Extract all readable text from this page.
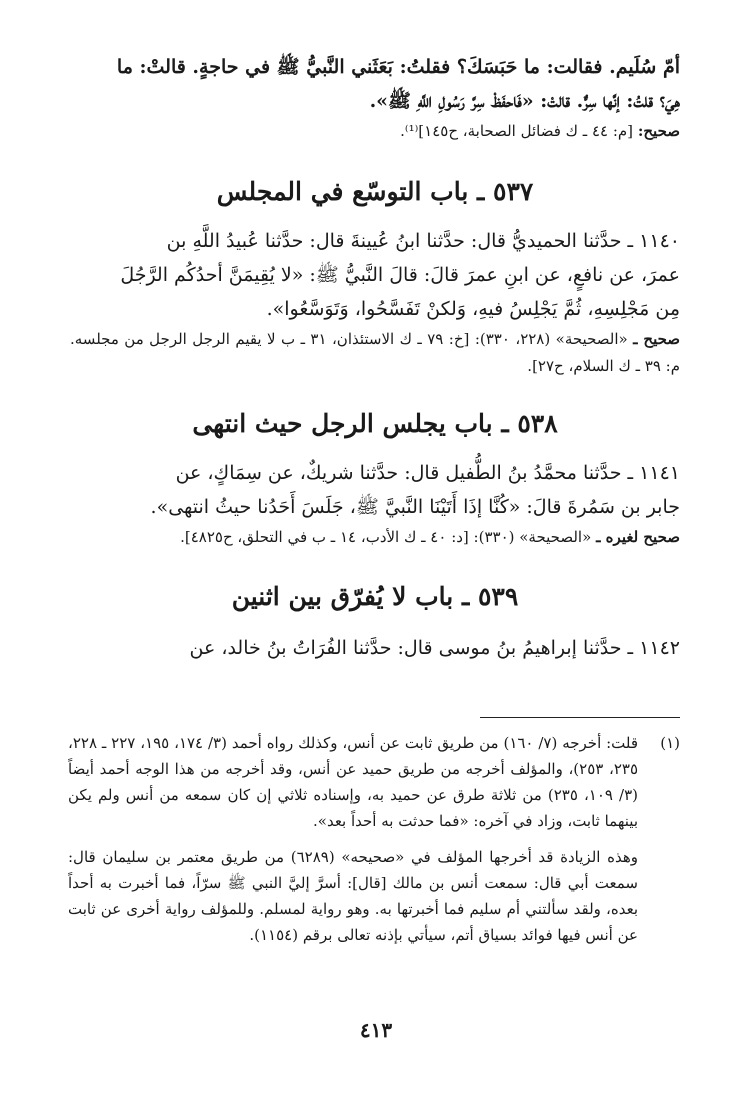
أمّ سُلَيم. فقالت: ما حَبَسَكَ؟ فقلتُ: بَعَثَني النَّبيُّ ﷺ في حاجةٍ. قالتْ: ما

هِيَ؟ قلتُ: إنَّها سِرٌّ. قالتْ: «فَاحفَظْ سِرَّ رَسُولِ اللَّهِ ﷺ».

صحيح: [م: ٤٤ ـ ك فضائل الصحابة، ح١٤٥]⁽¹⁾.

٥٣٧ ـ باب التوسّع في المجلس

١١٤٠ ـ حدَّثنا الحميديُّ قال: حدَّثنا ابنُ عُيينةَ قال: حدَّثنا عُبيدُ اللَّهِ بن

عمرَ، عن نافعٍ، عن ابنِ عمرَ قالَ: قالَ النَّبيُّ ﷺ: «لا يُقِيمَنَّ أحدُكُم الرَّجُلَ

مِن مَجْلِسِهِ، ثُمَّ يَجْلِسُ فيهِ، وَلكنْ تَفَسَّحُوا، وَتَوَسَّعُوا».

صحيح ـ «الصحيحة» (٢٢٨، ٣٣٠): [خ: ٧٩ ـ ك الاستئذان، ٣١ ـ ب لا يقيم الرجل الرجل من مجلسه. م: ٣٩ ـ ك السلام، ح٢٧].

٥٣٨ ـ باب يجلس الرجل حيث انتهى

١١٤١ ـ حدَّثنا محمَّدُ بنُ الطُّفيل قال: حدَّثنا شريكٌ، عن سِمَاكٍ، عن

جابر بن سَمُرةَ قالَ: «كُنَّا إذَا أَتَيْنَا النَّبيَّ ﷺ، جَلَسَ أَحَدُنا حيثُ انتهى».

صحيح لغيره ـ «الصحيحة» (٣٣٠): [د: ٤٠ ـ ك الأدب، ١٤ ـ ب في التحلق، ح٤٨٢٥].

٥٣٩ ـ باب لا يُفرّق بين اثنين

١١٤٢ ـ حدَّثنا إبراهيمُ بنُ موسى قال: حدَّثنا الفُرَاتُ بنُ خالد، عن

(١)

قلت: أخرجه (٧/ ١٦٠) من طريق ثابت عن أنس، وكذلك رواه أحمد (٣/ ١٧٤، ١٩٥، ٢٢٧ ـ ٢٢٨، ٢٣٥، ٢٥٣)، والمؤلف أخرجه من طريق حميد عن أنس، وقد أخرجه من هذا الوجه أحمد أيضاً (٣/ ١٠٩، ٢٣٥) من ثلاثة طرق عن حميد به، وإسناده ثلاثي إن كان سمعه من أنس ولم يكن بينهما ثابت، وزاد في آخره: «فما حدثت به أحداً بعد».

وهذه الزيادة قد أخرجها المؤلف في «صحيحه» (٦٢٨٩) من طريق معتمر بن سليمان قال: سمعت أبي قال: سمعت أنس بن مالك [قال]: أسرَّ إليَّ النبي ﷺ سرّاً، فما أخبرت به أحداً بعده، ولقد سألتني أم سليم فما أخبرتها به. وهو رواية لمسلم. وللمؤلف رواية أخرى عن ثابت عن أنس فيها فوائد بسياق أتم، سيأتي بإذنه تعالى برقم (١١٥٤).

٤١٣
